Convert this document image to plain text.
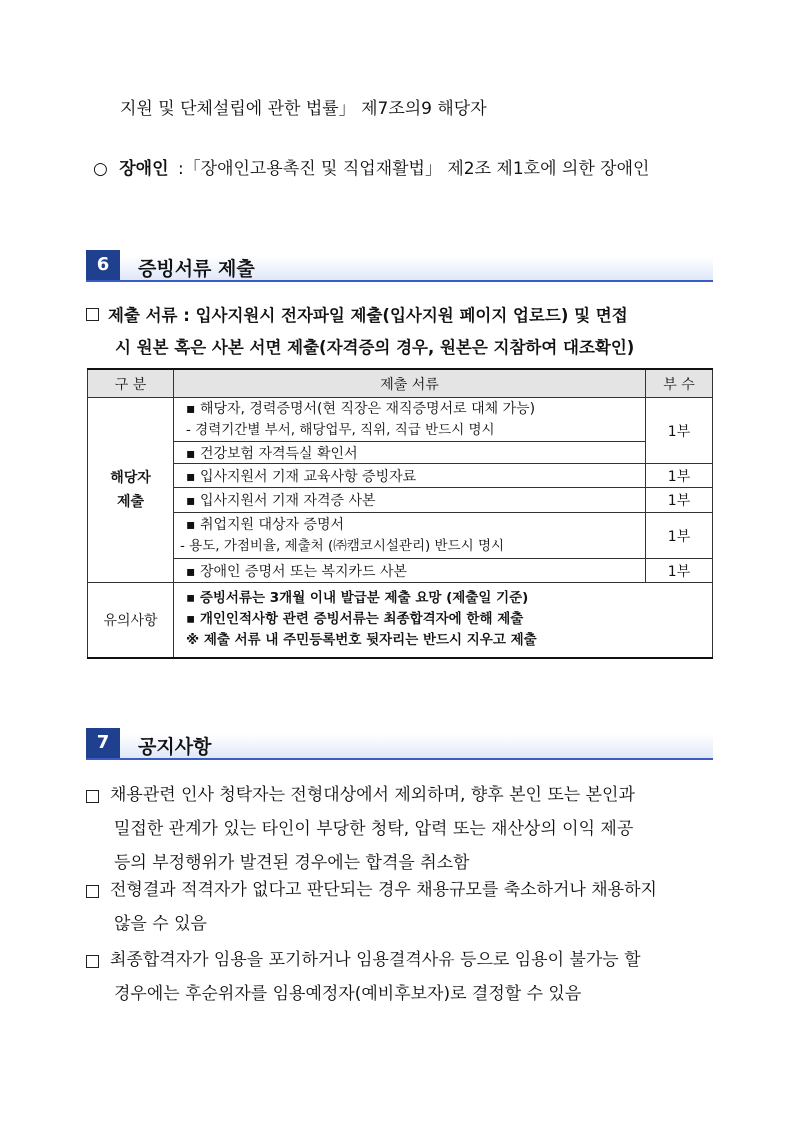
지원 및 단체설립에 관한 법률」 제7조의9 해당자
○ 장애인 :「장애인고용촉진 및 직업재활법」 제2조 제1호에 의한 장애인
6	증빙서류 제출
제출 서류 : 입사지원시 전자파일 제출(입사지원 페이지 업로드) 및 면접
시 원본 혹은 사본 서면 제출(자격증의 경우, 원본은 지참하여 대조확인)
구 분	제출 서류	부 수
해당자
제출	▪ 해당자, 경력증명서(현 직장은 재직증명서로 대체 가능)
- 경력기간별 부서, 해당업무, 직위, 직급 반드시 명시	1부
	▪ 건강보험 자격득실 확인서	
	▪ 입사지원서 기재 교육사항 증빙자료	1부
	▪ 입사지원서 기재 자격증 사본	1부
	▪ 취업지원 대상자 증명서
- 용도, 가점비율, 제출처 (㈜캠코시설관리) 반드시 명시	1부
	▪ 장애인 증명서 또는 복지카드 사본	1부
유의사항	▪ 증빙서류는 3개월 이내 발급분 제출 요망 (제출일 기준)
▪ 개인인적사항 관련 증빙서류는 최종합격자에 한해 제출
※ 제출 서류 내 주민등록번호 뒷자리는 반드시 지우고 제출	
7	공지사항
채용관련 인사 청탁자는 전형대상에서 제외하며, 향후 본인 또는 본인과
밀접한 관계가 있는 타인이 부당한 청탁, 압력 또는 재산상의 이익 제공
등의 부정행위가 발견된 경우에는 합격을 취소함
전형결과 적격자가 없다고 판단되는 경우 채용규모를 축소하거나 채용하지
않을 수 있음
최종합격자가 임용을 포기하거나 임용결격사유 등으로 임용이 불가능 할
경우에는 후순위자를 임용예정자(예비후보자)로 결정할 수 있음
